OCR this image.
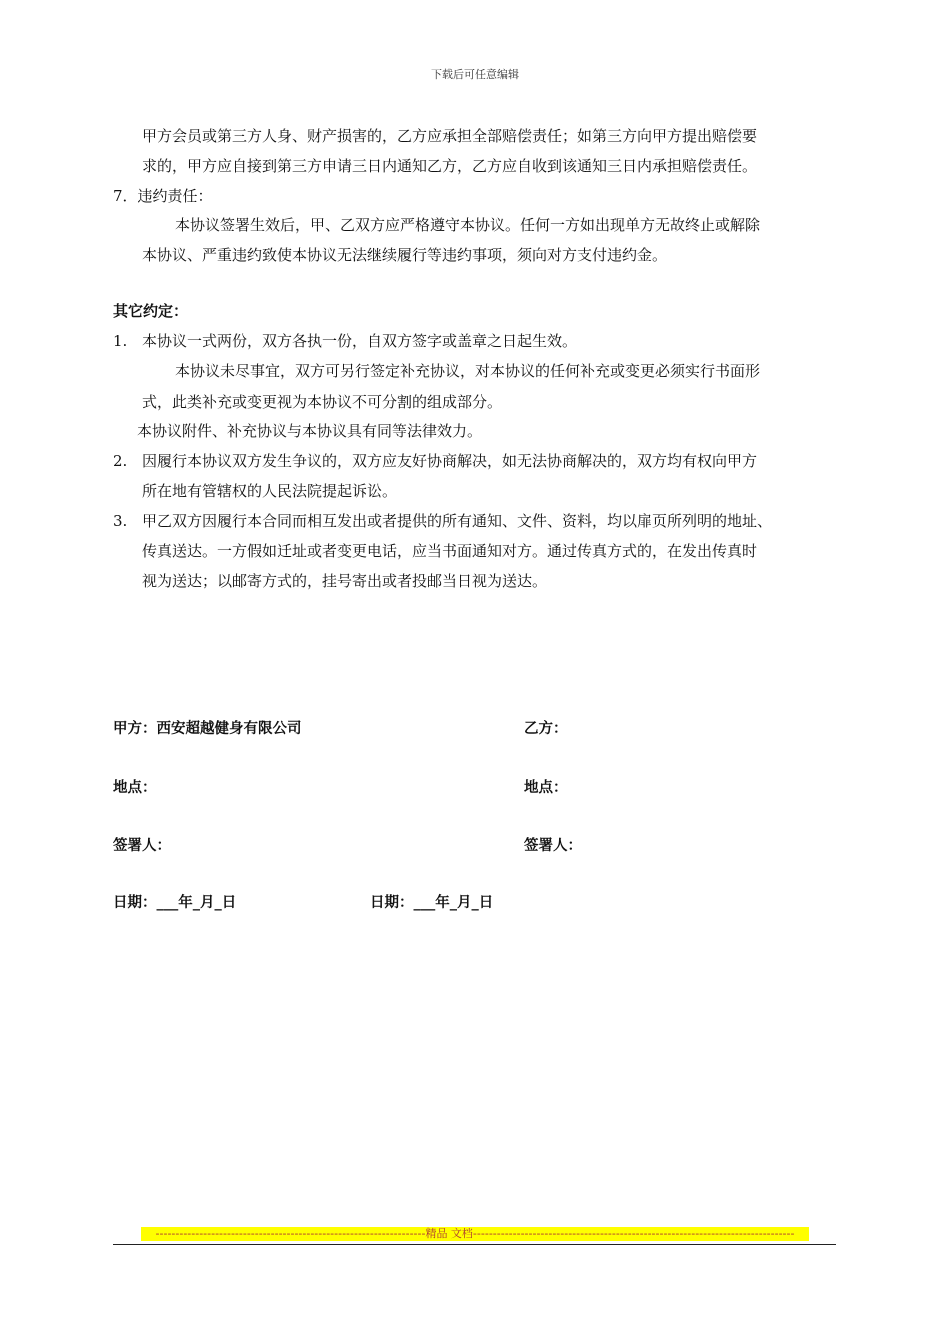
下载后可任意编辑
甲方会员或第三方人身、财产损害的，乙方应承担全部赔偿责任；如第三方向甲方提出赔偿要
求的，甲方应自接到第三方申请三日内通知乙方，乙方应自收到该通知三日内承担赔偿责任。
7．违约责任：
本协议签署生效后，甲、乙双方应严格遵守本协议。任何一方如出现单方无故终止或解除
本协议、严重违约致使本协议无法继续履行等违约事项，须向对方支付违约金。
其它约定：
1. 本协议一式两份，双方各执一份，自双方签字或盖章之日起生效。
本协议未尽事宜，双方可另行签定补充协议，对本协议的任何补充或变更必须实行书面形
式，此类补充或变更视为本协议不可分割的组成部分。
本协议附件、补充协议与本协议具有同等法律效力。
2. 因履行本协议双方发生争议的，双方应友好协商解决，如无法协商解决的，双方均有权向甲方
所在地有管辖权的人民法院提起诉讼。
3. 甲乙双方因履行本合同而相互发出或者提供的所有通知、文件、资料，均以扉页所列明的地址、
传真送达。一方假如迁址或者变更电话，应当书面通知对方。通过传真方式的，在发出传真时
视为送达；以邮寄方式的，挂号寄出或者投邮当日视为送达。
甲方：西安超越健身有限公司	乙方：
地点：	地点：
签署人：	签署人：
日期：___年_月_日	日期：___年_月_日
--------------------------------------------------------------------精品 文档---------------------------------------------------------------------------------
